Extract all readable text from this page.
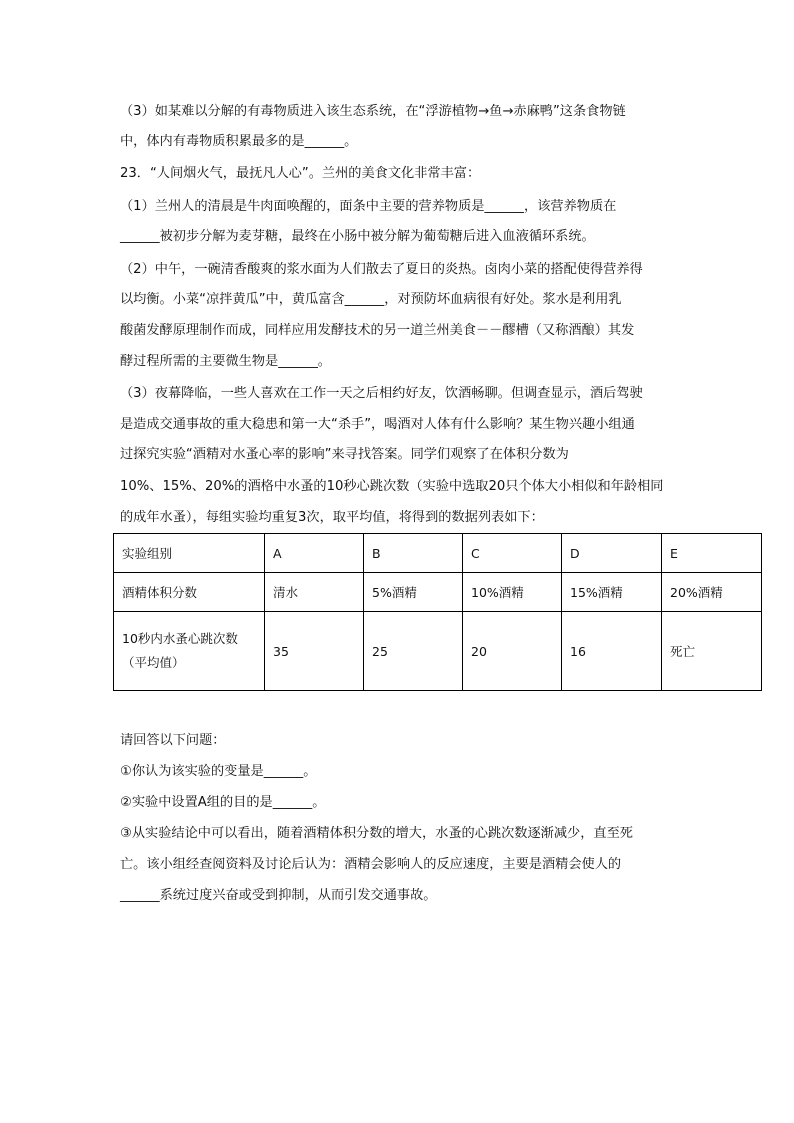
（3）如某难以分解的有毒物质进入该生态系统，在“浮游植物→鱼→赤麻鸭”这条食物链
中，体内有毒物质积累最多的是______。
23．“人间烟火气，最抚凡人心”。兰州的美食文化非常丰富：
（1）兰州人的清晨是牛肉面唤醒的，面条中主要的营养物质是______，该营养物质在
______被初步分解为麦芽糖，最终在小肠中被分解为葡萄糖后进入血液循环系统。
（2）中午，一碗清香酸爽的浆水面为人们散去了夏日的炎热。卤肉小菜的搭配使得营养得
以均衡。小菜“凉拌黄瓜”中，黄瓜富含______，对预防坏血病很有好处。浆水是利用乳
酸菌发酵原理制作而成，同样应用发酵技术的另一道兰州美食－－醪槽（又称酒酿）其发
酵过程所需的主要微生物是______。
（3）夜幕降临，一些人喜欢在工作一天之后相约好友，饮酒畅聊。但调查显示，酒后驾驶
是造成交通事故的重大稳患和第一大“杀手”，喝酒对人体有什么影响？某生物兴趣小组通
过探究实验“酒精对水蚤心率的影响”来寻找答案。同学们观察了在体积分数为
10%、15%、20%的酒格中水蚤的10秒心跳次数（实验中选取20只个体大小相似和年龄相同
的成年水蚤），每组实验均重复3次，取平均值，将得到的数据列表如下：
实验组别	A	B	C	D	E
酒精体积分数	清水	5%酒精	10%酒精	15%酒精	20%酒精

10秒内水蚤心跳次数
（平均值）	35	25	20	16	死亡
请回答以下问题：
①你认为该实验的变量是______。
②实验中设置A组的目的是______。
③从实验结论中可以看出，随着酒精体积分数的增大，水蚤的心跳次数逐渐减少，直至死
亡。该小组经查阅资料及讨论后认为：酒精会影响人的反应速度，主要是酒精会使人的
______系统过度兴奋或受到抑制，从而引发交通事故。
